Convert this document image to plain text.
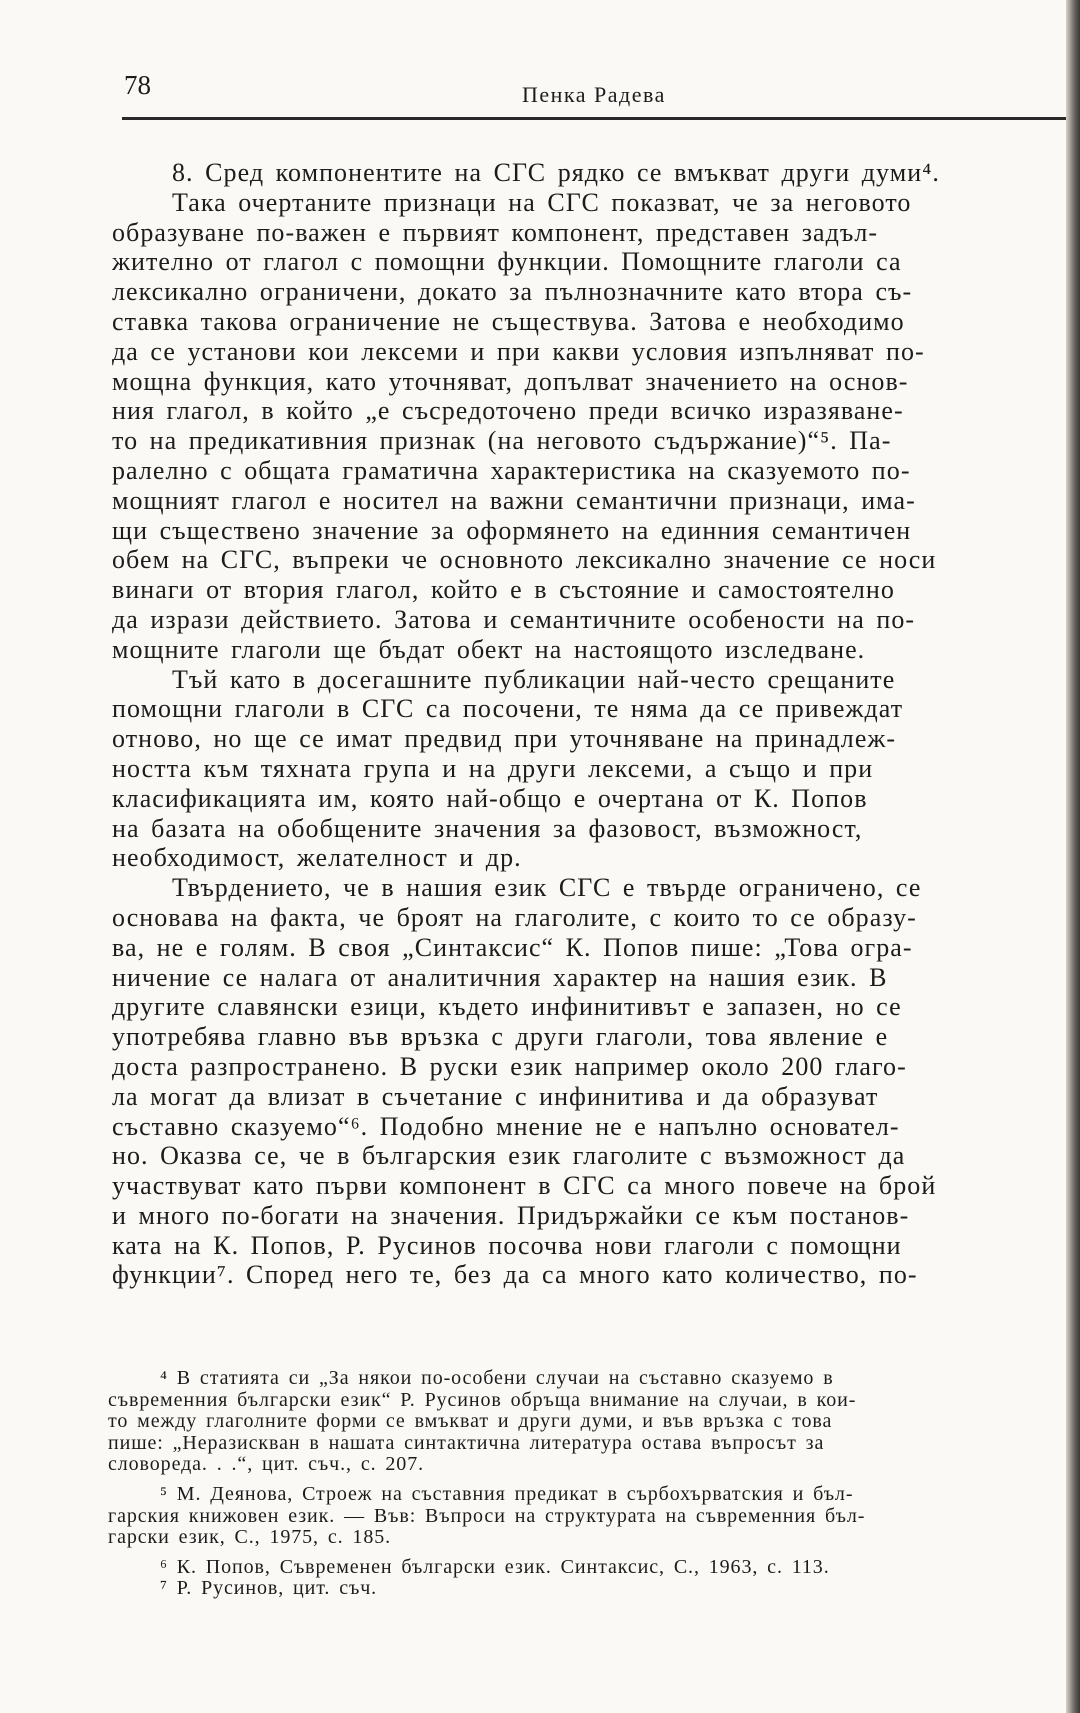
78	Пенка Радева
8. Сред компонентите на СГС рядко се вмъкват други думи⁴.
Така очертаните признаци на СГС показват, че за неговото
образуване по-важен е първият компонент, представен задъл-
жително от глагол с помощни функции. Помощните глаголи са
лексикално ограничени, докато за пълнозначните като втора съ-
ставка такова ограничение не съществува. Затова е необходимо
да се установи кои лексеми и при какви условия изпълняват по-
мощна функция, като уточняват, допълват значението на основ-
ния глагол, в който „е съсредоточено преди всичко изразяване-
то на предикативния признак (на неговото съдържание)“⁵. Па-
ралелно с общата граматична характеристика на сказуемото по-
мощният глагол е носител на важни семантични признаци, има-
щи съществено значение за оформянето на единния семантичен
обем на СГС, въпреки че основното лексикално значение се носи
винаги от втория глагол, който е в състояние и самостоятелно
да изрази действието. Затова и семантичните особености на по-
мощните глаголи ще бъдат обект на настоящото изследване.
Тъй като в досегашните публикации най-често срещаните
помощни глаголи в СГС са посочени, те няма да се привеждат
отново, но ще се имат предвид при уточняване на принадлеж-
ността към тяхната група и на други лексеми, а също и при
класификацията им, която най-общо е очертана от К. Попов
на базата на обобщените значения за фазовост, възможност,
необходимост, желателност и др.
Твърдението, че в нашия език СГС е твърде ограничено, се
основава на факта, че броят на глаголите, с които то се образу-
ва, не е голям. В своя „Синтаксис“ К. Попов пише: „Това огра-
ничение се налага от аналитичния характер на нашия език. В
другите славянски езици, където инфинитивът е запазен, но се
употребява главно във връзка с други глаголи, това явление е
доста разпространено. В руски език например около 200 глаго-
ла могат да влизат в съчетание с инфинитива и да образуват
съставно сказуемо“⁶. Подобно мнение не е напълно основател-
но. Оказва се, че в българския език глаголите с възможност да
участвуват като първи компонент в СГС са много повече на брой
и много по-богати на значения. Придържайки се към постанов-
ката на К. Попов, Р. Русинов посочва нови глаголи с помощни
функции⁷. Според него те, без да са много като количество, по-
⁴ В статията си „За някои по-особени случаи на съставно сказуемо в
съвременния български език“ Р. Русинов обръща внимание на случаи, в кои-
то между глаголните форми се вмъкват и други думи, и във връзка с това
пише: „Неразискван в нашата синтактична литература остава въпросът за
словореда. . .“, цит. съч., с. 207.
⁵ М. Деянова, Строеж на съставния предикат в сърбохърватския и бъл-
гарския книжовен език. — Във: Въпроси на структурата на съвременния бъл-
гарски език, С., 1975, с. 185.
⁶ К. Попов, Съвременен български език. Синтаксис, С., 1963, с. 113.
⁷ Р. Русинов, цит. съч.
